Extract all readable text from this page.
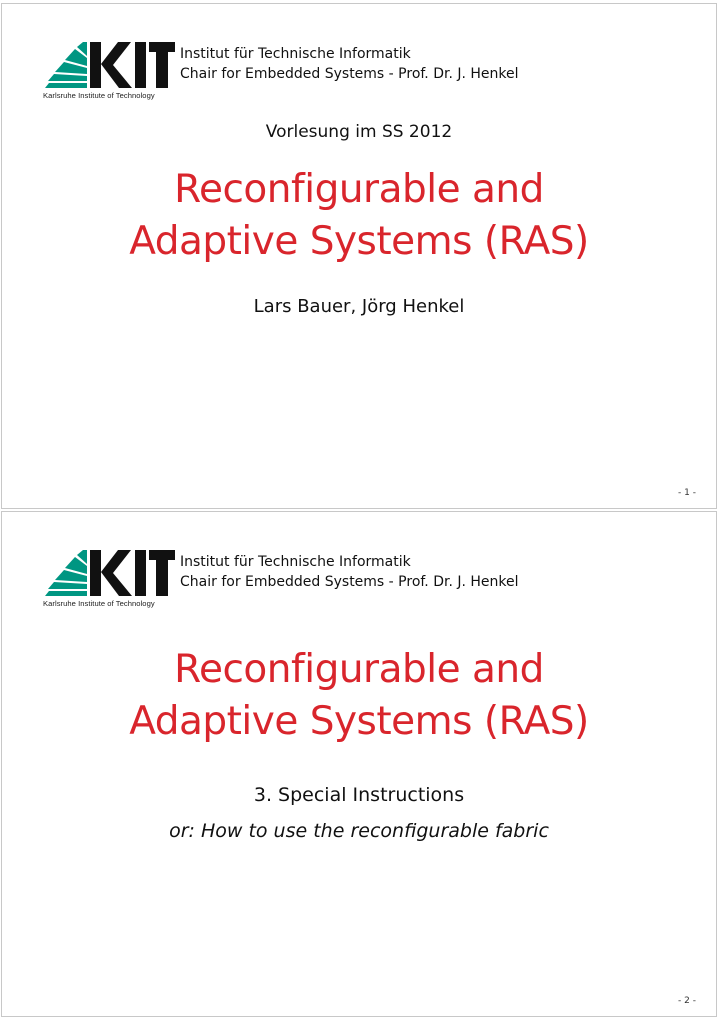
Karlsruhe Institute of Technology
Institut für Technische Informatik
Chair for Embedded Systems - Prof. Dr. J. Henkel
Vorlesung im SS 2012
Reconfigurable and
Adaptive Systems (RAS)
Lars Bauer, Jörg Henkel
- 1 -
Karlsruhe Institute of Technology
Institut für Technische Informatik
Chair for Embedded Systems - Prof. Dr. J. Henkel
Reconfigurable and
Adaptive Systems (RAS)
3. Special Instructions
or: How to use the reconfigurable fabric
- 2 -
